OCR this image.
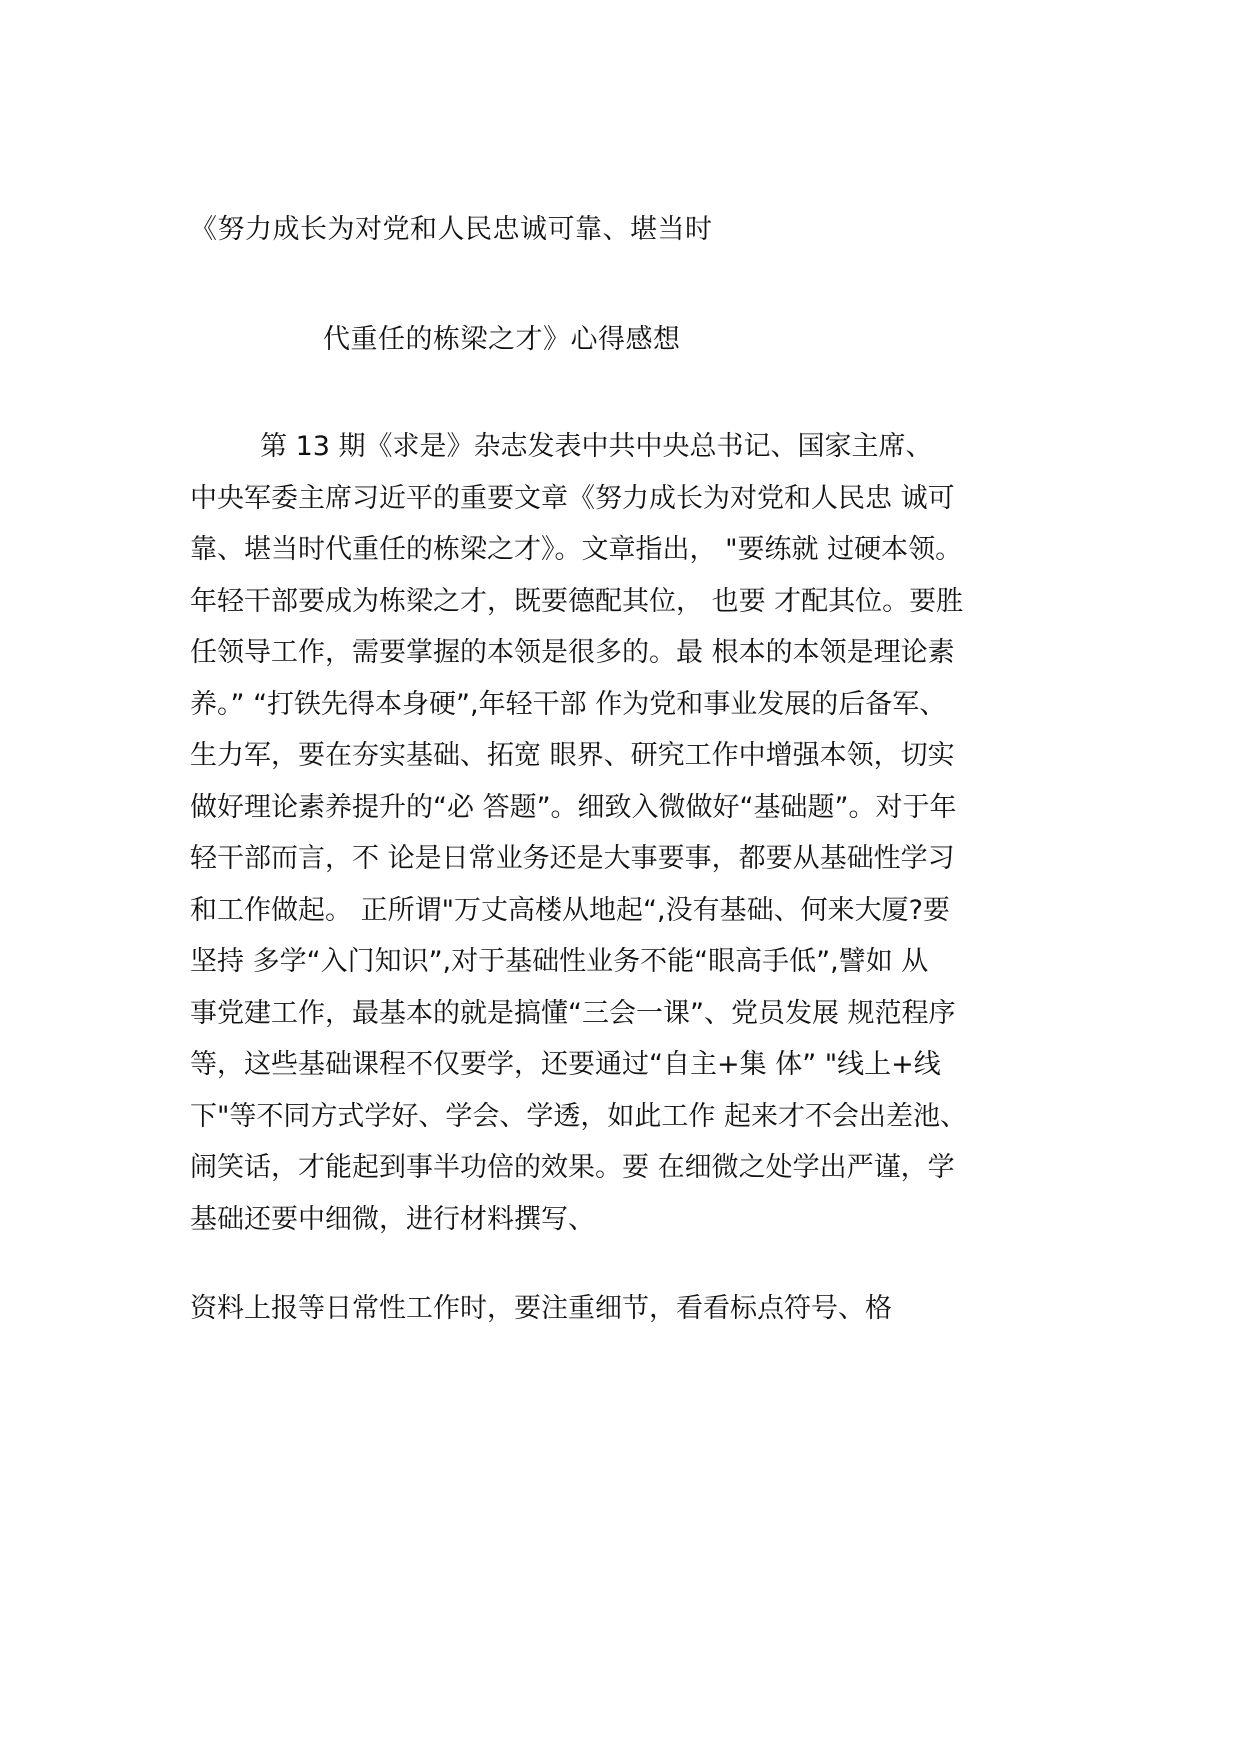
《努力成长为对党和人民忠诚可靠、堪当时
代重任的栋梁之才》心得感想
第 13 期《求是》杂志发表中共中央总书记、国家主席、
中央军委主席习近平的重要文章《努力成长为对党和人民忠 诚可
靠、堪当时代重任的栋梁之才》。文章指出， "要练就 过硬本领。
年轻干部要成为栋梁之才，既要德配其位， 也要 才配其位。要胜
任领导工作，需要掌握的本领是很多的。最 根本的本领是理论素
养。” “打铁先得本身硬”,年轻干部 作为党和事业发展的后备军、
生力军，要在夯实基础、拓宽 眼界、研究工作中增强本领，切实
做好理论素养提升的“必 答题”。细致入微做好“基础题”。对于年
轻干部而言，不 论是日常业务还是大事要事，都要从基础性学习
和工作做起。 正所谓"万丈高楼从地起“,没有基础、何来大厦?要
坚持 多学“入门知识”,对于基础性业务不能“眼高手低”,譬如 从
事党建工作，最基本的就是搞懂“三会一课”、党员发展 规范程序
等，这些基础课程不仅要学，还要通过“自主+集 体” "线上+线
下"等不同方式学好、学会、学透，如此工作 起来才不会出差池、
闹笑话，才能起到事半功倍的效果。要 在细微之处学出严谨，学
基础还要中细微，进行材料撰写、
资料上报等日常性工作时，要注重细节，看看标点符号、格
